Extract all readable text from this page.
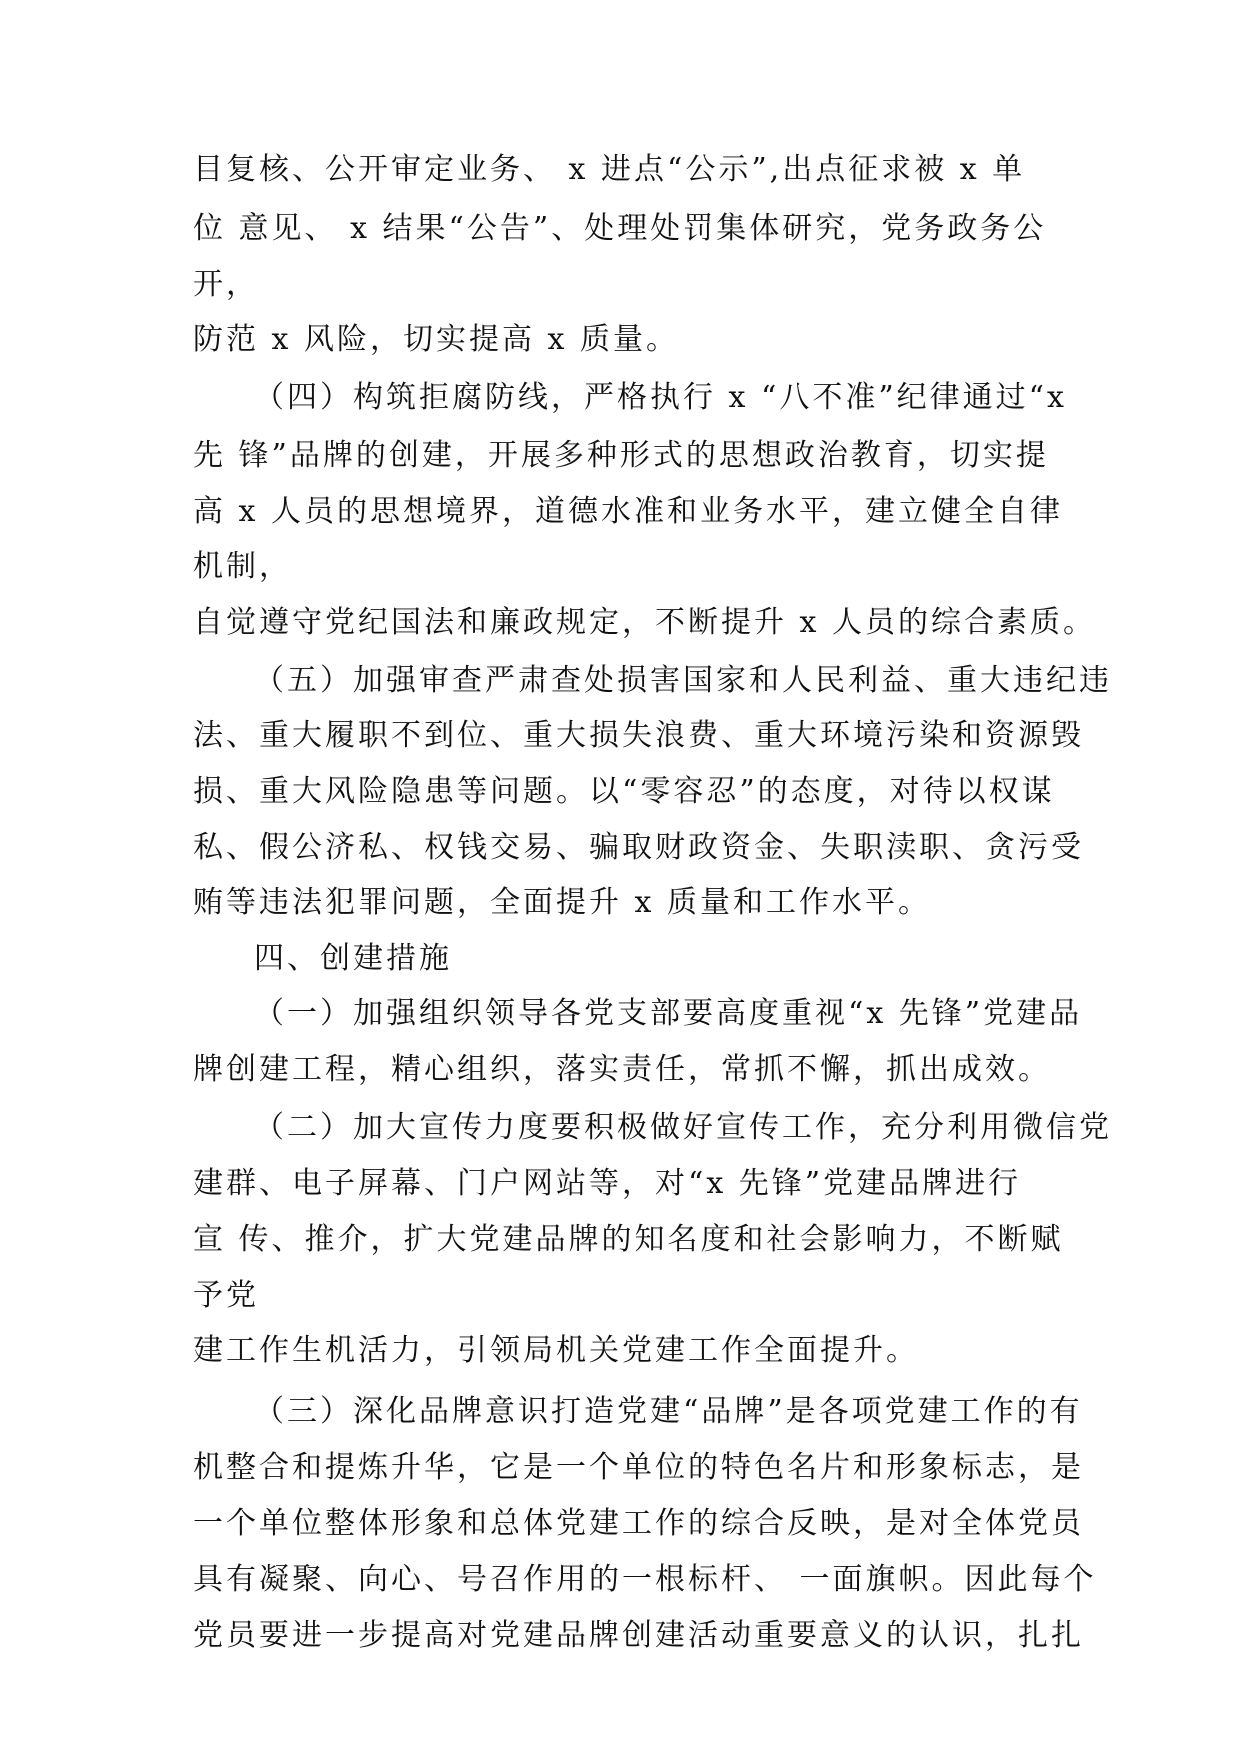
目复核、公开审定业务、 x 进点“公示”,出点征求被 x 单
位 意见、 x 结果“公告”、处理处罚集体研究，党务政务公
开，
防范 x 风险，切实提高 x 质量。
（四）构筑拒腐防线，严格执行 x “八不准”纪律通过“x
先 锋”品牌的创建，开展多种形式的思想政治教育，切实提
高 x 人员的思想境界，道德水准和业务水平，建立健全自律
机制，
自觉遵守党纪国法和廉政规定，不断提升 x 人员的综合素质。
（五）加强审查严肃查处损害国家和人民利益、重大违纪违
法、重大履职不到位、重大损失浪费、重大环境污染和资源毁
损、重大风险隐患等问题。以“零容忍”的态度，对待以权谋
私、假公济私、权钱交易、骗取财政资金、失职渎职、贪污受
贿等违法犯罪问题，全面提升 x 质量和工作水平。
四、创建措施
（一）加强组织领导各党支部要高度重视“x 先锋”党建品
牌创建工程，精心组织，落实责任，常抓不懈，抓出成效。
（二）加大宣传力度要积极做好宣传工作，充分利用微信党
建群、电子屏幕、门户网站等，对“x 先锋”党建品牌进行
宣 传、推介，扩大党建品牌的知名度和社会影响力，不断赋
予党
建工作生机活力，引领局机关党建工作全面提升。
（三）深化品牌意识打造党建“品牌”是各项党建工作的有
机整合和提炼升华，它是一个单位的特色名片和形象标志，是
一个单位整体形象和总体党建工作的综合反映，是对全体党员
具有凝聚、向心、号召作用的一根标杆、 一面旗帜。因此每个
党员要进一步提高对党建品牌创建活动重要意义的认识，扎扎
